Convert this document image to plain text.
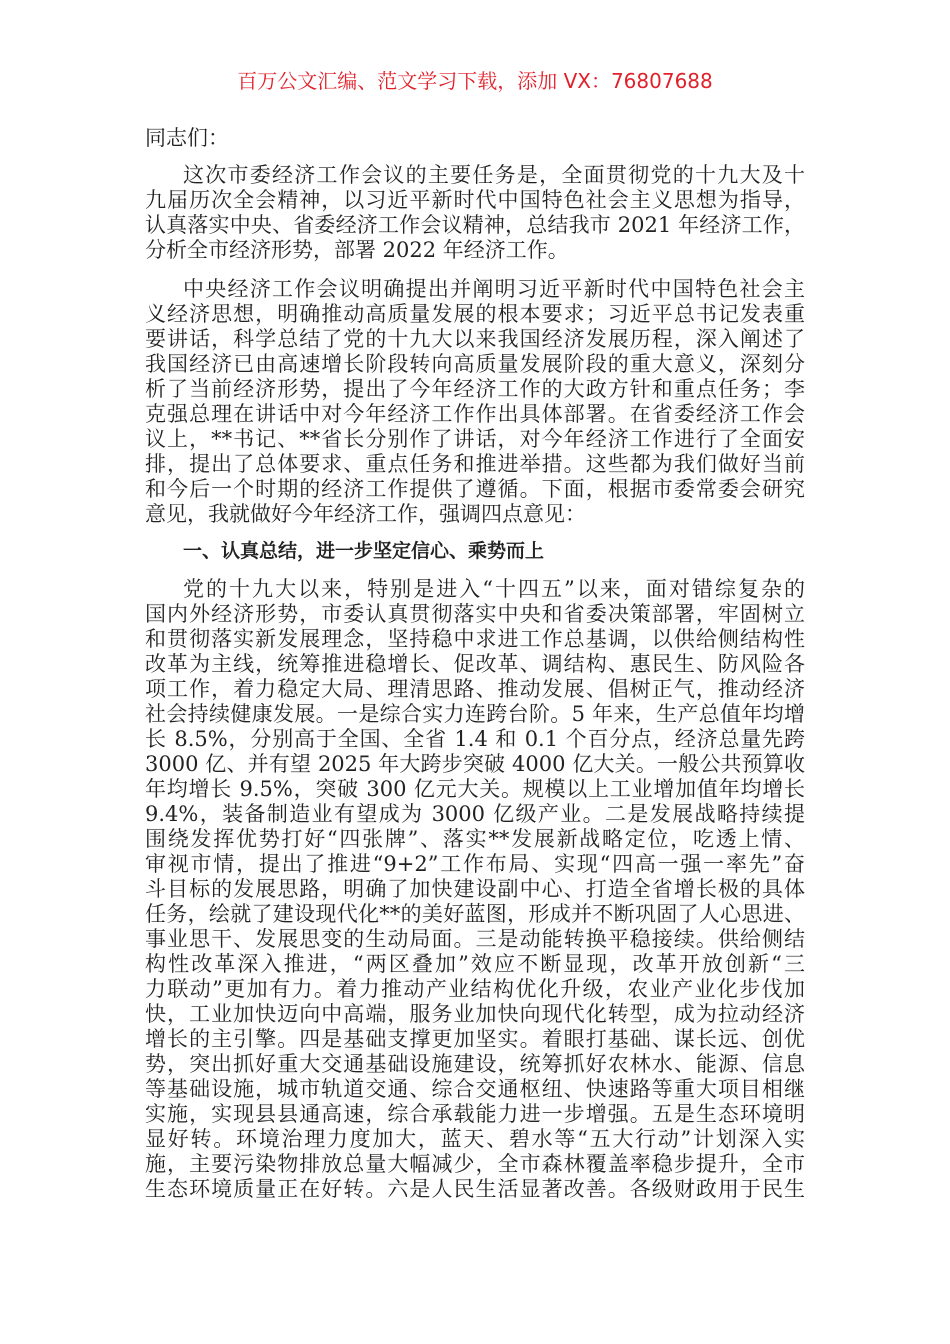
百万公文汇编、范文学习下载，添加 VX：76807688
同志们：
这次市委经济工作会议的主要任务是，全面贯彻党的十九大及十
九届历次全会精神，以习近平新时代中国特色社会主义思想为指导，
认真落实中央、省委经济工作会议精神，总结我市 2021 年经济工作，
分析全市经济形势，部署 2022 年经济工作。
中央经济工作会议明确提出并阐明习近平新时代中国特色社会主
义经济思想，明确推动高质量发展的根本要求；习近平总书记发表重
要讲话，科学总结了党的十九大以来我国经济发展历程，深入阐述了
我国经济已由高速增长阶段转向高质量发展阶段的重大意义，深刻分
析了当前经济形势，提出了今年经济工作的大政方针和重点任务；李
克强总理在讲话中对今年经济工作作出具体部署。在省委经济工作会
议上，**书记、**省长分别作了讲话，对今年经济工作进行了全面安
排，提出了总体要求、重点任务和推进举措。这些都为我们做好当前
和今后一个时期的经济工作提供了遵循。下面，根据市委常委会研究
意见，我就做好今年经济工作，强调四点意见：
一、认真总结，进一步坚定信心、乘势而上
党的十九大以来，特别是进入“十四五”以来，面对错综复杂的
国内外经济形势，市委认真贯彻落实中央和省委决策部署，牢固树立
和贯彻落实新发展理念，坚持稳中求进工作总基调，以供给侧结构性
改革为主线，统筹推进稳增长、促改革、调结构、惠民生、防风险各
项工作，着力稳定大局、理清思路、推动发展、倡树正气，推动经济
社会持续健康发展。一是综合实力连跨台阶。5 年来，生产总值年均增
长 8.5%，分别高于全国、全省 1.4 和 0.1 个百分点，经济总量先跨
3000 亿、并有望 2025 年大跨步突破 4000 亿大关。一般公共预算收
年均增长 9.5%，突破 300 亿元大关。规模以上工业增加值年均增长
9.4%，装备制造业有望成为 3000 亿级产业。二是发展战略持续提
围绕发挥优势打好“四张牌”、落实**发展新战略定位，吃透上情、
审视市情，提出了推进“9+2”工作布局、实现“四高一强一率先”奋
斗目标的发展思路，明确了加快建设副中心、打造全省增长极的具体
任务，绘就了建设现代化**的美好蓝图，形成并不断巩固了人心思进、
事业思干、发展思变的生动局面。三是动能转换平稳接续。供给侧结
构性改革深入推进，“两区叠加”效应不断显现，改革开放创新“三
力联动”更加有力。着力推动产业结构优化升级，农业产业化步伐加
快，工业加快迈向中高端，服务业加快向现代化转型，成为拉动经济
增长的主引擎。四是基础支撑更加坚实。着眼打基础、谋长远、创优
势，突出抓好重大交通基础设施建设，统筹抓好农林水、能源、信息
等基础设施，城市轨道交通、综合交通枢纽、快速路等重大项目相继
实施，实现县县通高速，综合承载能力进一步增强。五是生态环境明
显好转。环境治理力度加大，蓝天、碧水等“五大行动”计划深入实
施，主要污染物排放总量大幅减少，全市森林覆盖率稳步提升，全市
生态环境质量正在好转。六是人民生活显著改善。各级财政用于民生
